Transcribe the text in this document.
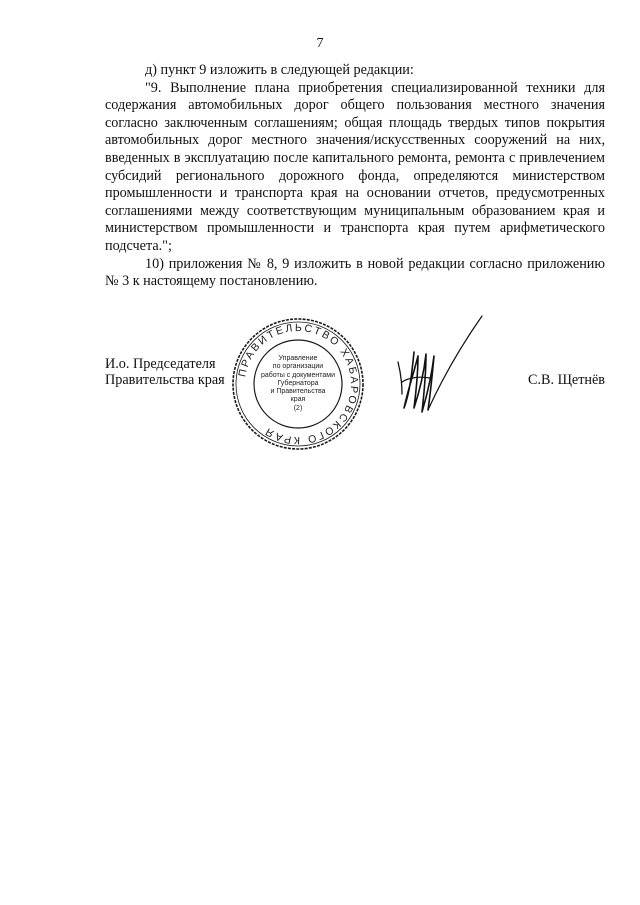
7

д) пункт 9 изложить в следующей редакции:

"9. Выполнение плана приобретения специализированной техники для содержания автомобильных дорог общего пользования местного значения согласно заключенным соглашениям; общая площадь твердых типов покрытия автомобильных дорог местного значения/искусственных сооружений на них, введенных в эксплуатацию после капитального ремонта, ремонта с привлечением субсидий регионального дорожного фонда, определяются министерством промышленности и транспорта края на основании отчетов, предусмотренных соглашениями между соответствующим муниципальным образованием края и министерством промышленности и транспорта края путем арифметического подсчета.";

10) приложения № 8, 9 изложить в новой редакции согласно приложению № 3 к настоящему постановлению.

И.о. Председателя
Правительства края	С.В. Щетнёв
ПРАВИТЕЛЬСТВО ХАБАРОВСКОГО КРАЯ
Управление
по организации
работы с документами
Губернатора
и Правительства
края
(2)
